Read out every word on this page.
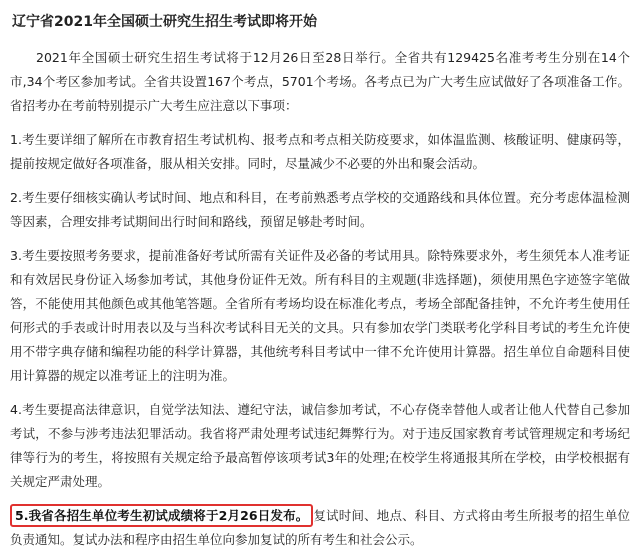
辽宁省2021年全国硕士研究生招生考试即将开始
2021年全国硕士研究生招生考试将于12月26日至28日举行。全省共有129425名准考考生分别在14个市,34个考区参加考试。全省共设置167个考点，5701个考场。各考点已为广大考生应试做好了各项准备工作。省招考办在考前特别提示广大考生应注意以下事项：
1.考生要详细了解所在市教育招生考试机构、报考点和考点相关防疫要求，如体温监测、核酸证明、健康码等，提前按规定做好各项准备，服从相关安排。同时，尽量减少不必要的外出和聚会活动。
2.考生要仔细核实确认考试时间、地点和科目，在考前熟悉考点学校的交通路线和具体位置。充分考虑体温检测等因素，合理安排考试期间出行时间和路线，预留足够赴考时间。
3.考生要按照考务要求，提前准备好考试所需有关证件及必备的考试用具。除特殊要求外，考生须凭本人准考证和有效居民身份证入场参加考试，其他身份证件无效。所有科目的主观题(非选择题)，须使用黑色字迹签字笔做答，不能使用其他颜色或其他笔答题。全省所有考场均设在标准化考点，考场全部配备挂钟，不允许考生使用任何形式的手表或计时用表以及与当科次考试科目无关的文具。只有参加农学门类联考化学科目考试的考生允许使用不带字典存储和编程功能的科学计算器，其他统考科目考试中一律不允许使用计算器。招生单位自命题科目使用计算器的规定以准考证上的注明为准。
4.考生要提高法律意识，自觉学法知法、遵纪守法，诚信参加考试，不心存侥幸替他人或者让他人代替自己参加考试，不参与涉考违法犯罪活动。我省将严肃处理考试违纪舞弊行为。对于违反国家教育考试管理规定和考场纪律等行为的考生，将按照有关规定给予最高暂停该项考试3年的处理;在校学生将通报其所在学校，由学校根据有关规定严肃处理。
5.我省各招生单位考生初试成绩将于2月26日发布。 复试时间、地点、科目、方式将由考生所报考的招生单位负责通知。复试办法和程序由招生单位向参加复试的所有考生和社会公示。
